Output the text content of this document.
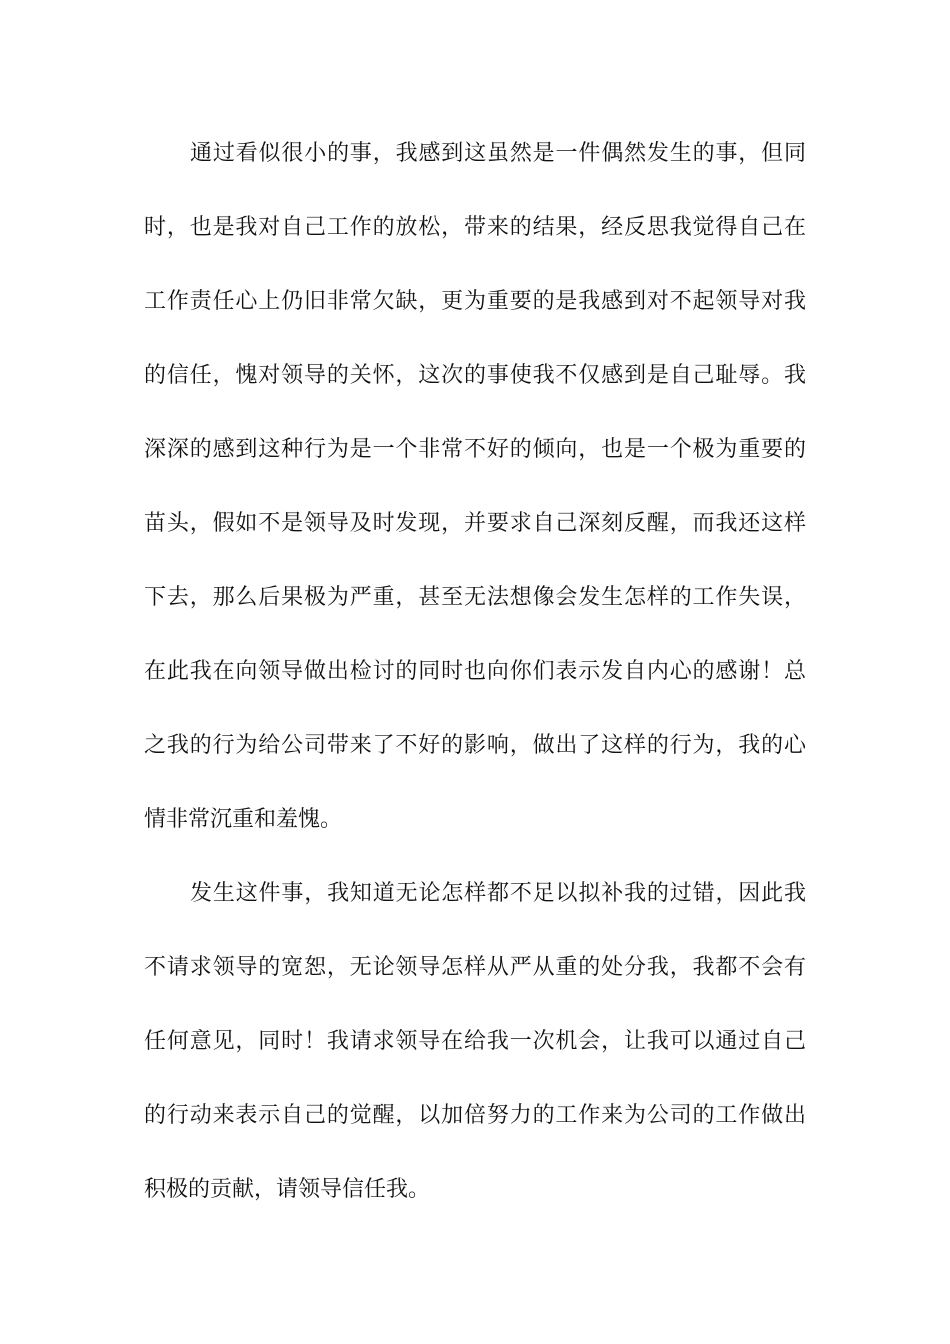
通过看似很小的事，我感到这虽然是一件偶然发生的事，但同
时，也是我对自己工作的放松，带来的结果，经反思我觉得自己在
工作责任心上仍旧非常欠缺，更为重要的是我感到对不起领导对我
的信任，愧对领导的关怀，这次的事使我不仅感到是自己耻辱。我
深深的感到这种行为是一个非常不好的倾向，也是一个极为重要的
苗头，假如不是领导及时发现，并要求自己深刻反醒，而我还这样
下去，那么后果极为严重，甚至无法想像会发生怎样的工作失误，
在此我在向领导做出检讨的同时也向你们表示发自内心的感谢！总
之我的行为给公司带来了不好的影响，做出了这样的行为，我的心
情非常沉重和羞愧。
发生这件事，我知道无论怎样都不足以拟补我的过错，因此我
不请求领导的宽恕，无论领导怎样从严从重的处分我，我都不会有
任何意见，同时！我请求领导在给我一次机会，让我可以通过自己
的行动来表示自己的觉醒，以加倍努力的工作来为公司的工作做出
积极的贡献，请领导信任我。
